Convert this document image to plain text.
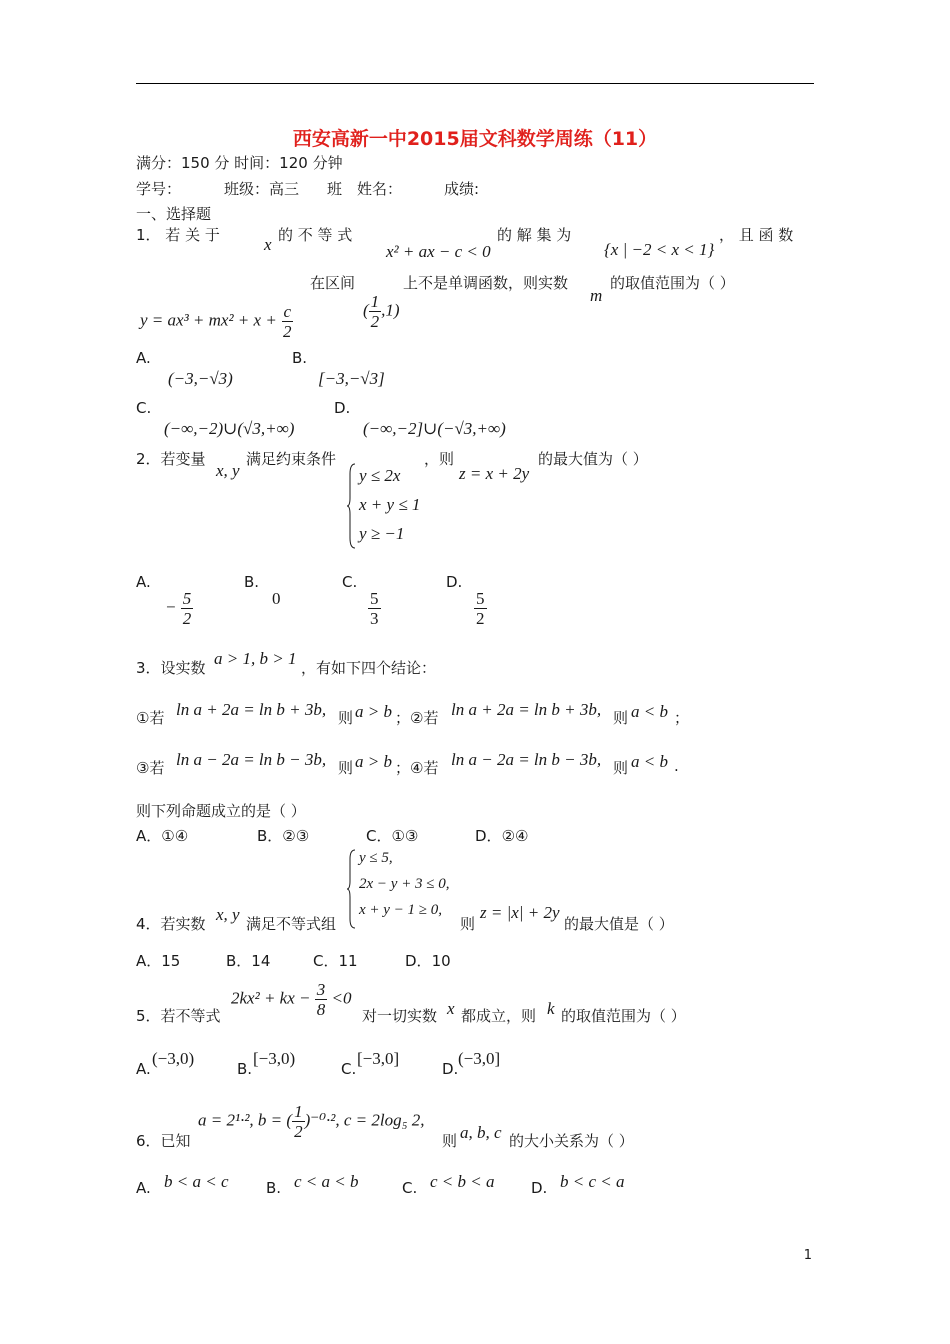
西安高新一中2015届文科数学周练（11）
满分：150 分 时间：120 分钟
学号：	班级：高三 班 姓名：	成绩:
一、选择题
1． 若 关 于	x 的 不 等 式
x² + ax − c < 0
的 解 集 为
{x | −2 < x < 1}
， 且 函 数
$y = ax^3 + mx^2 + x + \frac{c}{2}$
在区间
( $\frac{1}{2} ,1$)
上不是单调函数，则实数
m
的取值范围为（ ）
A.
(−3,−√3)
B.
[−3,−√3]
C.
(−∞,−2)∪(√3,+∞)
D.
(−∞,−2]∪(−√3,+∞)
2．若变量
x, y
满足约束条件
y ≤ 2x
x + y ≤ 1
y ≥ −1
，则
z = x + 2y
的最大值为（ ）
A.
− $\frac{5}{2}$
B.
0
C.
$\frac{5}{3}$
D.
$\frac{5}{2}$
3．设实数 a > 1, b > 1 ，有如下四个结论：
①若 ln a + 2a = ln b + 3b, 则 a > b ；②若 ln a + 2a = ln b + 3b, 则 a < b ；
③若 ln a − 2a = ln b − 3b, 则 a > b ；④若 ln a − 2a = ln b − 3b, 则 a < b .
则下列命题成立的是（ ）
A．①④	B．②③	C．①③	D．②④
y ≤ 5,
2x − y + 3 ≤ 0,
x + y − 1 ≥ 0,
4．若实数 x, y 满足不等式组	则
z = |x| + 2y
的最大值是（ ）
A．15	B．14	C．11	D．10
2kx² + kx − $\frac{3}{8} <0$
5．若不等式	对一切实数 x 都成立，则 k 的取值范围为（ ）
A.
(−3,0)
B.
[−3,0)
C.
[−3,0]
D.
(−3,0]
a = 2¹·², b = ( $\frac{1}{2} )^{-0}\cdot^2$, c = 2log₅ 2,
6．已知	则 a, b, c 的大小关系为（ ）
A. b < a < c	B. c < a < b	C. c < b < a D. b < c < a
1
